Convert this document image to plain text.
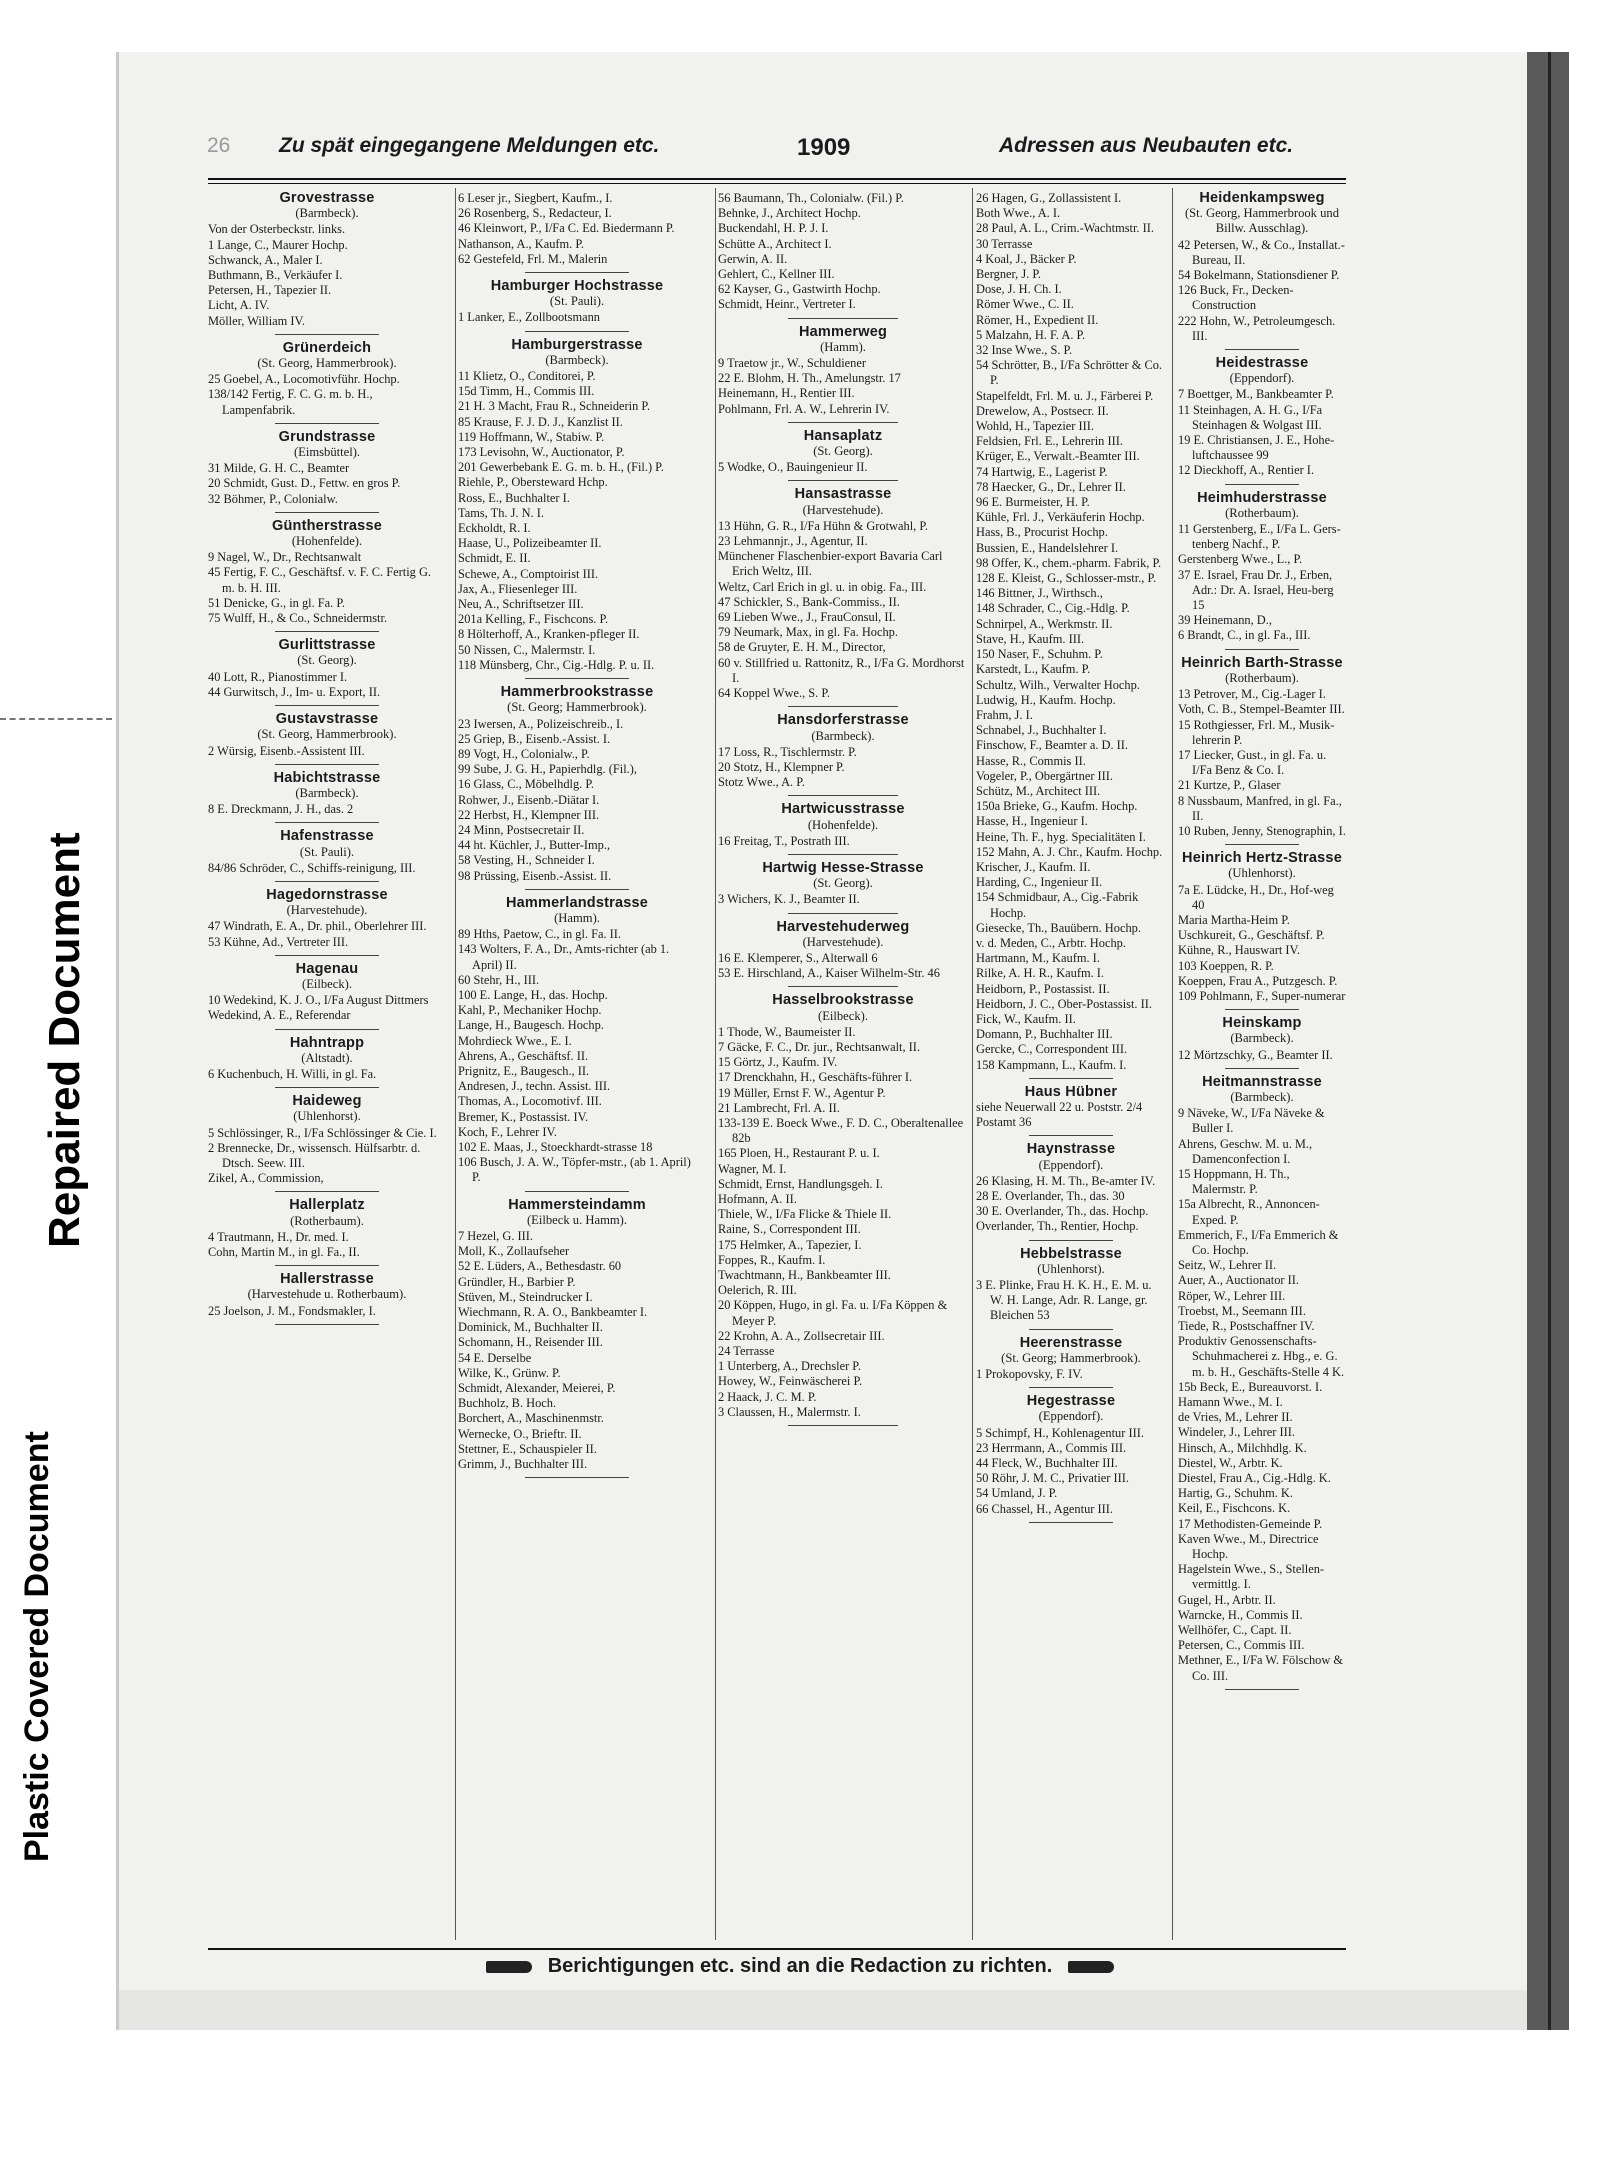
Plastic Covered Document
Repaired Document
26 Zu spät eingegangene Meldungen etc.	1909	Adressen aus Neubauten etc.
Grovestrasse
(Barmbeck).
Von der Osterbeckstr. links.
1 Lange, C., Maurer Hochp.
Schwanck, A., Maler I.
Buthmann, B., Verkäufer I.
Petersen, H., Tapezier II.
Licht, A. IV.
Möller, William IV.
Grünerdeich
(St. Georg, Hammerbrook).
25 Goebel, A., Locomotivführ. Hochp.
138/142 Fertig, F. C. G. m. b. H., Lampenfabrik.
Grundstrasse
(Eimsbüttel).
31 Milde, G. H. C., Beamter
20 Schmidt, Gust. D., Fettw. en gros P.
32 Böhmer, P., Colonialw.
Güntherstrasse
(Hohenfelde).
9 Nagel, W., Dr., Rechtsanwalt
45 Fertig, F. C., Geschäftsf. v. F. C. Fertig G. m. b. H. III.
51 Denicke, G., in gl. Fa. P.
75 Wulff, H., & Co., Schneidermstr.
Gurlittstrasse
(St. Georg).
40 Lott, R., Pianostimmer I.
44 Gurwitsch, J., Im- u. Export, II.
Gustavstrasse
(St. Georg, Hammerbrook).
2 Würsig, Eisenb.-Assistent III.
Habichtstrasse
(Barmbeck).
8 E. Dreckmann, J. H., das. 2
Hafenstrasse
(St. Pauli).
84/86 Schröder, C., Schiffs-reinigung, III.
Hagedornstrasse
(Harvestehude).
47 Windrath, E. A., Dr. phil., Oberlehrer III.
53 Kühne, Ad., Vertreter III.
Hagenau
(Eilbeck).
10 Wedekind, K. J. O., I/Fa August Dittmers
Wedekind, A. E., Referendar
Hahntrapp
(Altstadt).
6 Kuchenbuch, H. Willi, in gl. Fa.
Haideweg
(Uhlenhorst).
5 Schlössinger, R., I/Fa Schlössinger & Cie. I.
2 Brennecke, Dr., wissensch. Hülfsarbtr. d. Dtsch. Seew. III.
Zikel, A., Commission,
Hallerplatz
(Rotherbaum).
4 Trautmann, H., Dr. med. I.
Cohn, Martin M., in gl. Fa., II.
Hallerstrasse
(Harvestehude u. Rotherbaum).
25 Joelson, J. M., Fondsmakler, I.
6 Leser jr., Siegbert, Kaufm., I.
26 Rosenberg, S., Redacteur, I.
46 Kleinwort, P., I/Fa C. Ed. Biedermann P.
Nathanson, A., Kaufm. P.
62 Gestefeld, Frl. M., Malerin
Hamburger Hochstrasse
(St. Pauli).
1 Lanker, E., Zollbootsmann
Hamburgerstrasse
(Barmbeck).
11 Klietz, O., Conditorei, P.
15d Timm, H., Commis III.
21 H. 3 Macht, Frau R., Schneiderin P.
85 Krause, F. J. D. J., Kanzlist II.
119 Hoffmann, W., Stabiw. P.
173 Levisohn, W., Auctionator, P.
201 Gewerbebank E. G. m. b. H., (Fil.) P.
Riehle, P., Obersteward Hchp.
Ross, E., Buchhalter I.
Tams, Th. J. N. I.
Eckholdt, R. I.
Haase, U., Polizeibeamter II.
Schmidt, E. II.
Schewe, A., Comptoirist III.
Jax, A., Fliesenleger III.
Neu, A., Schriftsetzer III.
201a Kelling, F., Fischcons. P.
8 Hölterhoff, A., Kranken-pfleger II.
50 Nissen, C., Malermstr. I.
118 Münsberg, Chr., Cig.-Hdlg. P. u. II.
Hammerbrookstrasse
(St. Georg; Hammerbrook).
23 Iwersen, A., Polizeischreib., I.
25 Griep, B., Eisenb.-Assist. I.
89 Vogt, H., Colonialw., P.
99 Sube, J. G. H., Papierhdlg. (Fil.),
16 Glass, C., Möbelhdlg. P.
Rohwer, J., Eisenb.-Diätar I.
22 Herbst, H., Klempner III.
24 Minn, Postsecretair II.
44 ht. Küchler, J., Butter-Imp.,
58 Vesting, H., Schneider I.
98 Prüssing, Eisenb.-Assist. II.
Hammerlandstrasse
(Hamm).
89 Hths, Paetow, C., in gl. Fa. II.
143 Wolters, F. A., Dr., Amts-richter (ab 1. April) II.
60 Stehr, H., III.
100 E. Lange, H., das. Hochp.
Kahl, P., Mechaniker Hochp.
Lange, H., Baugesch. Hochp.
Mohrdieck Wwe., E. I.
Ahrens, A., Geschäftsf. II.
Prignitz, E., Baugesch., II.
Andresen, J., techn. Assist. III.
Thomas, A., Locomotivf. III.
Bremer, K., Postassist. IV.
Koch, F., Lehrer IV.
102 E. Maas, J., Stoeckhardt-strasse 18
106 Busch, J. A. W., Töpfer-mstr., (ab 1. April) P.
Hammersteindamm
(Eilbeck u. Hamm).
7 Hezel, G. III.
Moll, K., Zollaufseher
52 E. Lüders, A., Bethesdastr. 60
Gründler, H., Barbier P.
Stüven, M., Steindrucker I.
Wiechmann, R. A. O., Bankbeamter I.
Dominick, M., Buchhalter II.
Schomann, H., Reisender III.
54 E. Derselbe
Wilke, K., Grünw. P.
Schmidt, Alexander, Meierei, P.
Buchholz, B. Hoch.
Borchert, A., Maschinenmstr.
Wernecke, O., Brieftr. II.
Stettner, E., Schauspieler II.
Grimm, J., Buchhalter III.
56 Baumann, Th., Colonialw. (Fil.) P.
Behnke, J., Architect Hochp.
Buckendahl, H. P. J. I.
Schütte A., Architect I.
Gerwin, A. II.
Gehlert, C., Kellner III.
62 Kayser, G., Gastwirth Hochp.
Schmidt, Heinr., Vertreter I.
Hammerweg
(Hamm).
9 Traetow jr., W., Schuldiener
22 E. Blohm, H. Th., Amelungstr. 17
Heinemann, H., Rentier III.
Pohlmann, Frl. A. W., Lehrerin IV.
Hansaplatz
(St. Georg).
5 Wodke, O., Bauingenieur II.
Hansastrasse
(Harvestehude).
13 Hühn, G. R., I/Fa Hühn & Grotwahl, P.
23 Lehmannjr., J., Agentur, II.
Münchener Flaschenbier-export Bavaria Carl Erich Weltz, III.
Weltz, Carl Erich in gl. u. in obig. Fa., III.
47 Schickler, S., Bank-Commiss., II.
69 Lieben Wwe., J., FrauConsul, II.
79 Neumark, Max, in gl. Fa. Hochp.
58 de Gruyter, E. H. M., Director,
60 v. Stillfried u. Rattonitz, R., I/Fa G. Mordhorst I.
64 Koppel Wwe., S. P.
Hansdorferstrasse
(Barmbeck).
17 Loss, R., Tischlermstr. P.
20 Stotz, H., Klempner P.
Stotz Wwe., A. P.
Hartwicusstrasse
(Hohenfelde).
16 Freitag, T., Postrath III.
Hartwig Hesse-Strasse
(St. Georg).
3 Wichers, K. J., Beamter II.
Harvestehuderweg
(Harvestehude).
16 E. Klemperer, S., Alterwall 6
53 E. Hirschland, A., Kaiser Wilhelm-Str. 46
Hasselbrookstrasse
(Eilbeck).
1 Thode, W., Baumeister II.
7 Gäcke, F. C., Dr. jur., Rechtsanwalt, II.
15 Görtz, J., Kaufm. IV.
17 Drenckhahn, H., Geschäfts-führer I.
19 Müller, Ernst F. W., Agentur P.
21 Lambrecht, Frl. A. II.
133-139 E. Boeck Wwe., F. D. C., Oberaltenallee 82b
165 Ploen, H., Restaurant P. u. I.
Wagner, M. I.
Schmidt, Ernst, Handlungsgeh. I.
Hofmann, A. II.
Thiele, W., I/Fa Flicke & Thiele II.
Raine, S., Correspondent III.
175 Helmker, A., Tapezier, I.
Foppes, R., Kaufm. I.
Twachtmann, H., Bankbeamter III.
Oelerich, R. III.
20 Köppen, Hugo, in gl. Fa. u. I/Fa Köppen & Meyer P.
22 Krohn, A. A., Zollsecretair III.
24 Terrasse
1 Unterberg, A., Drechsler P.
Howey, W., Feinwäscherei P.
2 Haack, J. C. M. P.
3 Claussen, H., Malermstr. I.
26 Hagen, G., Zollassistent I.
Both Wwe., A. I.
28 Paul, A. L., Crim.-Wachtmstr. II.
30 Terrasse
4 Koal, J., Bäcker P.
Bergner, J. P.
Dose, J. H. Ch. I.
Römer Wwe., C. II.
Römer, H., Expedient II.
5 Malzahn, H. F. A. P.
32 Inse Wwe., S. P.
54 Schrötter, B., I/Fa Schrötter & Co. P.
Stapelfeldt, Frl. M. u. J., Färberei P.
Drewelow, A., Postsecr. II.
Wohld, H., Tapezier III.
Feldsien, Frl. E., Lehrerin III.
Krüger, E., Verwalt.-Beamter III.
74 Hartwig, E., Lagerist P.
78 Haecker, G., Dr., Lehrer II.
96 E. Burmeister, H. P.
Kühle, Frl. J., Verkäuferin Hochp.
Hass, B., Procurist Hochp.
Bussien, E., Handelslehrer I.
98 Offer, K., chem.-pharm. Fabrik, P.
128 E. Kleist, G., Schlosser-mstr., P.
146 Bittner, J., Wirthsch.,
148 Schrader, C., Cig.-Hdlg. P.
Schnirpel, A., Werkmstr. II.
Stave, H., Kaufm. III.
150 Naser, F., Schuhm. P.
Karstedt, L., Kaufm. P.
Schultz, Wilh., Verwalter Hochp.
Ludwig, H., Kaufm. Hochp.
Frahm, J. I.
Schnabel, J., Buchhalter I.
Finschow, F., Beamter a. D. II.
Hasse, R., Commis II.
Vogeler, P., Obergärtner III.
Schütz, M., Architect III.
150a Brieke, G., Kaufm. Hochp.
Hasse, H., Ingenieur I.
Heine, Th. F., hyg. Specialitäten I.
152 Mahn, A. J. Chr., Kaufm. Hochp.
Krischer, J., Kaufm. II.
Harding, C., Ingenieur II.
154 Schmidbaur, A., Cig.-Fabrik Hochp.
Giesecke, Th., Bauübern. Hochp.
v. d. Meden, C., Arbtr. Hochp.
Hartmann, M., Kaufm. I.
Rilke, A. H. R., Kaufm. I.
Heidborn, P., Postassist. II.
Heidborn, J. C., Ober-Postassist. II.
Fick, W., Kaufm. II.
Domann, P., Buchhalter III.
Gercke, C., Correspondent III.
158 Kampmann, L., Kaufm. I.
Haus Hübner
siehe Neuerwall 22 u. Poststr. 2/4
Postamt 36
Haynstrasse
(Eppendorf).
26 Klasing, H. M. Th., Be-amter IV.
28 E. Overlander, Th., das. 30
30 E. Overlander, Th., das. Hochp.
Overlander, Th., Rentier, Hochp.
Hebbelstrasse
(Uhlenhorst).
3 E. Plinke, Frau H. K. H., E. M. u. W. H. Lange, Adr. R. Lange, gr. Bleichen 53
Heerenstrasse
(St. Georg; Hammerbrook).
1 Prokopovsky, F. IV.
Hegestrasse
(Eppendorf).
5 Schimpf, H., Kohlenagentur III.
23 Herrmann, A., Commis III.
44 Fleck, W., Buchhalter III.
50 Röhr, J. M. C., Privatier III.
54 Umland, J. P.
66 Chassel, H., Agentur III.
Heidenkampsweg
(St. Georg, Hammerbrook und Billw. Ausschlag).
42 Petersen, W., & Co., Installat.-Bureau, II.
54 Bokelmann, Stationsdiener P.
126 Buck, Fr., Decken-Construction
222 Hohn, W., Petroleumgesch. III.
Heidestrasse
(Eppendorf).
7 Boettger, M., Bankbeamter P.
11 Steinhagen, A. H. G., I/Fa Steinhagen & Wolgast III.
19 E. Christiansen, J. E., Hohe-luftchaussee 99
12 Dieckhoff, A., Rentier I.
Heimhuderstrasse
(Rotherbaum).
11 Gerstenberg, E., I/Fa L. Gers-tenberg Nachf., P.
Gerstenberg Wwe., L., P.
37 E. Israel, Frau Dr. J., Erben, Adr.: Dr. A. Israel, Heu-berg 15
39 Heinemann, D.,
6 Brandt, C., in gl. Fa., III.
Heinrich Barth-Strasse
(Rotherbaum).
13 Petrover, M., Cig.-Lager I.
Voth, C. B., Stempel-Beamter III.
15 Rothgiesser, Frl. M., Musik-lehrerin P.
17 Liecker, Gust., in gl. Fa. u. I/Fa Benz & Co. I.
21 Kurtze, P., Glaser
8 Nussbaum, Manfred, in gl. Fa., II.
10 Ruben, Jenny, Stenographin, I.
Heinrich Hertz-Strasse
(Uhlenhorst).
7a E. Lüdcke, H., Dr., Hof-weg 40
Maria Martha-Heim P.
Uschkureit, G., Geschäftsf. P.
Kühne, R., Hauswart IV.
103 Koeppen, R. P.
Koeppen, Frau A., Putzgesch. P.
109 Pohlmann, F., Super-numerar
Heinskamp
(Barmbeck).
12 Mörtzschky, G., Beamter II.
Heitmannstrasse
(Barmbeck).
9 Näveke, W., I/Fa Näveke & Buller I.
Ahrens, Geschw. M. u. M., Damenconfection I.
15 Hoppmann, H. Th., Malermstr. P.
15a Albrecht, R., Annoncen-Exped. P.
Emmerich, F., I/Fa Emmerich & Co. Hochp.
Seitz, W., Lehrer II.
Auer, A., Auctionator II.
Röper, W., Lehrer III.
Troebst, M., Seemann III.
Tiede, R., Postschaffner IV.
Produktiv Genossenschafts-Schuhmacherei z. Hbg., e. G. m. b. H., Geschäfts-Stelle 4 K.
15b Beck, E., Bureauvorst. I.
Hamann Wwe., M. I.
de Vries, M., Lehrer II.
Windeler, J., Lehrer III.
Hinsch, A., Milchhdlg. K.
Diestel, W., Arbtr. K.
Diestel, Frau A., Cig.-Hdlg. K.
Hartig, G., Schuhm. K.
Keil, E., Fischcons. K.
17 Methodisten-Gemeinde P.
Kaven Wwe., M., Directrice Hochp.
Hagelstein Wwe., S., Stellen-vermittlg. I.
Gugel, H., Arbtr. II.
Warncke, H., Commis II.
Wellhöfer, C., Capt. II.
Petersen, C., Commis III.
Methner, E., I/Fa W. Fölschow & Co. III.
Berichtigungen etc. sind an die Redaction zu richten.
